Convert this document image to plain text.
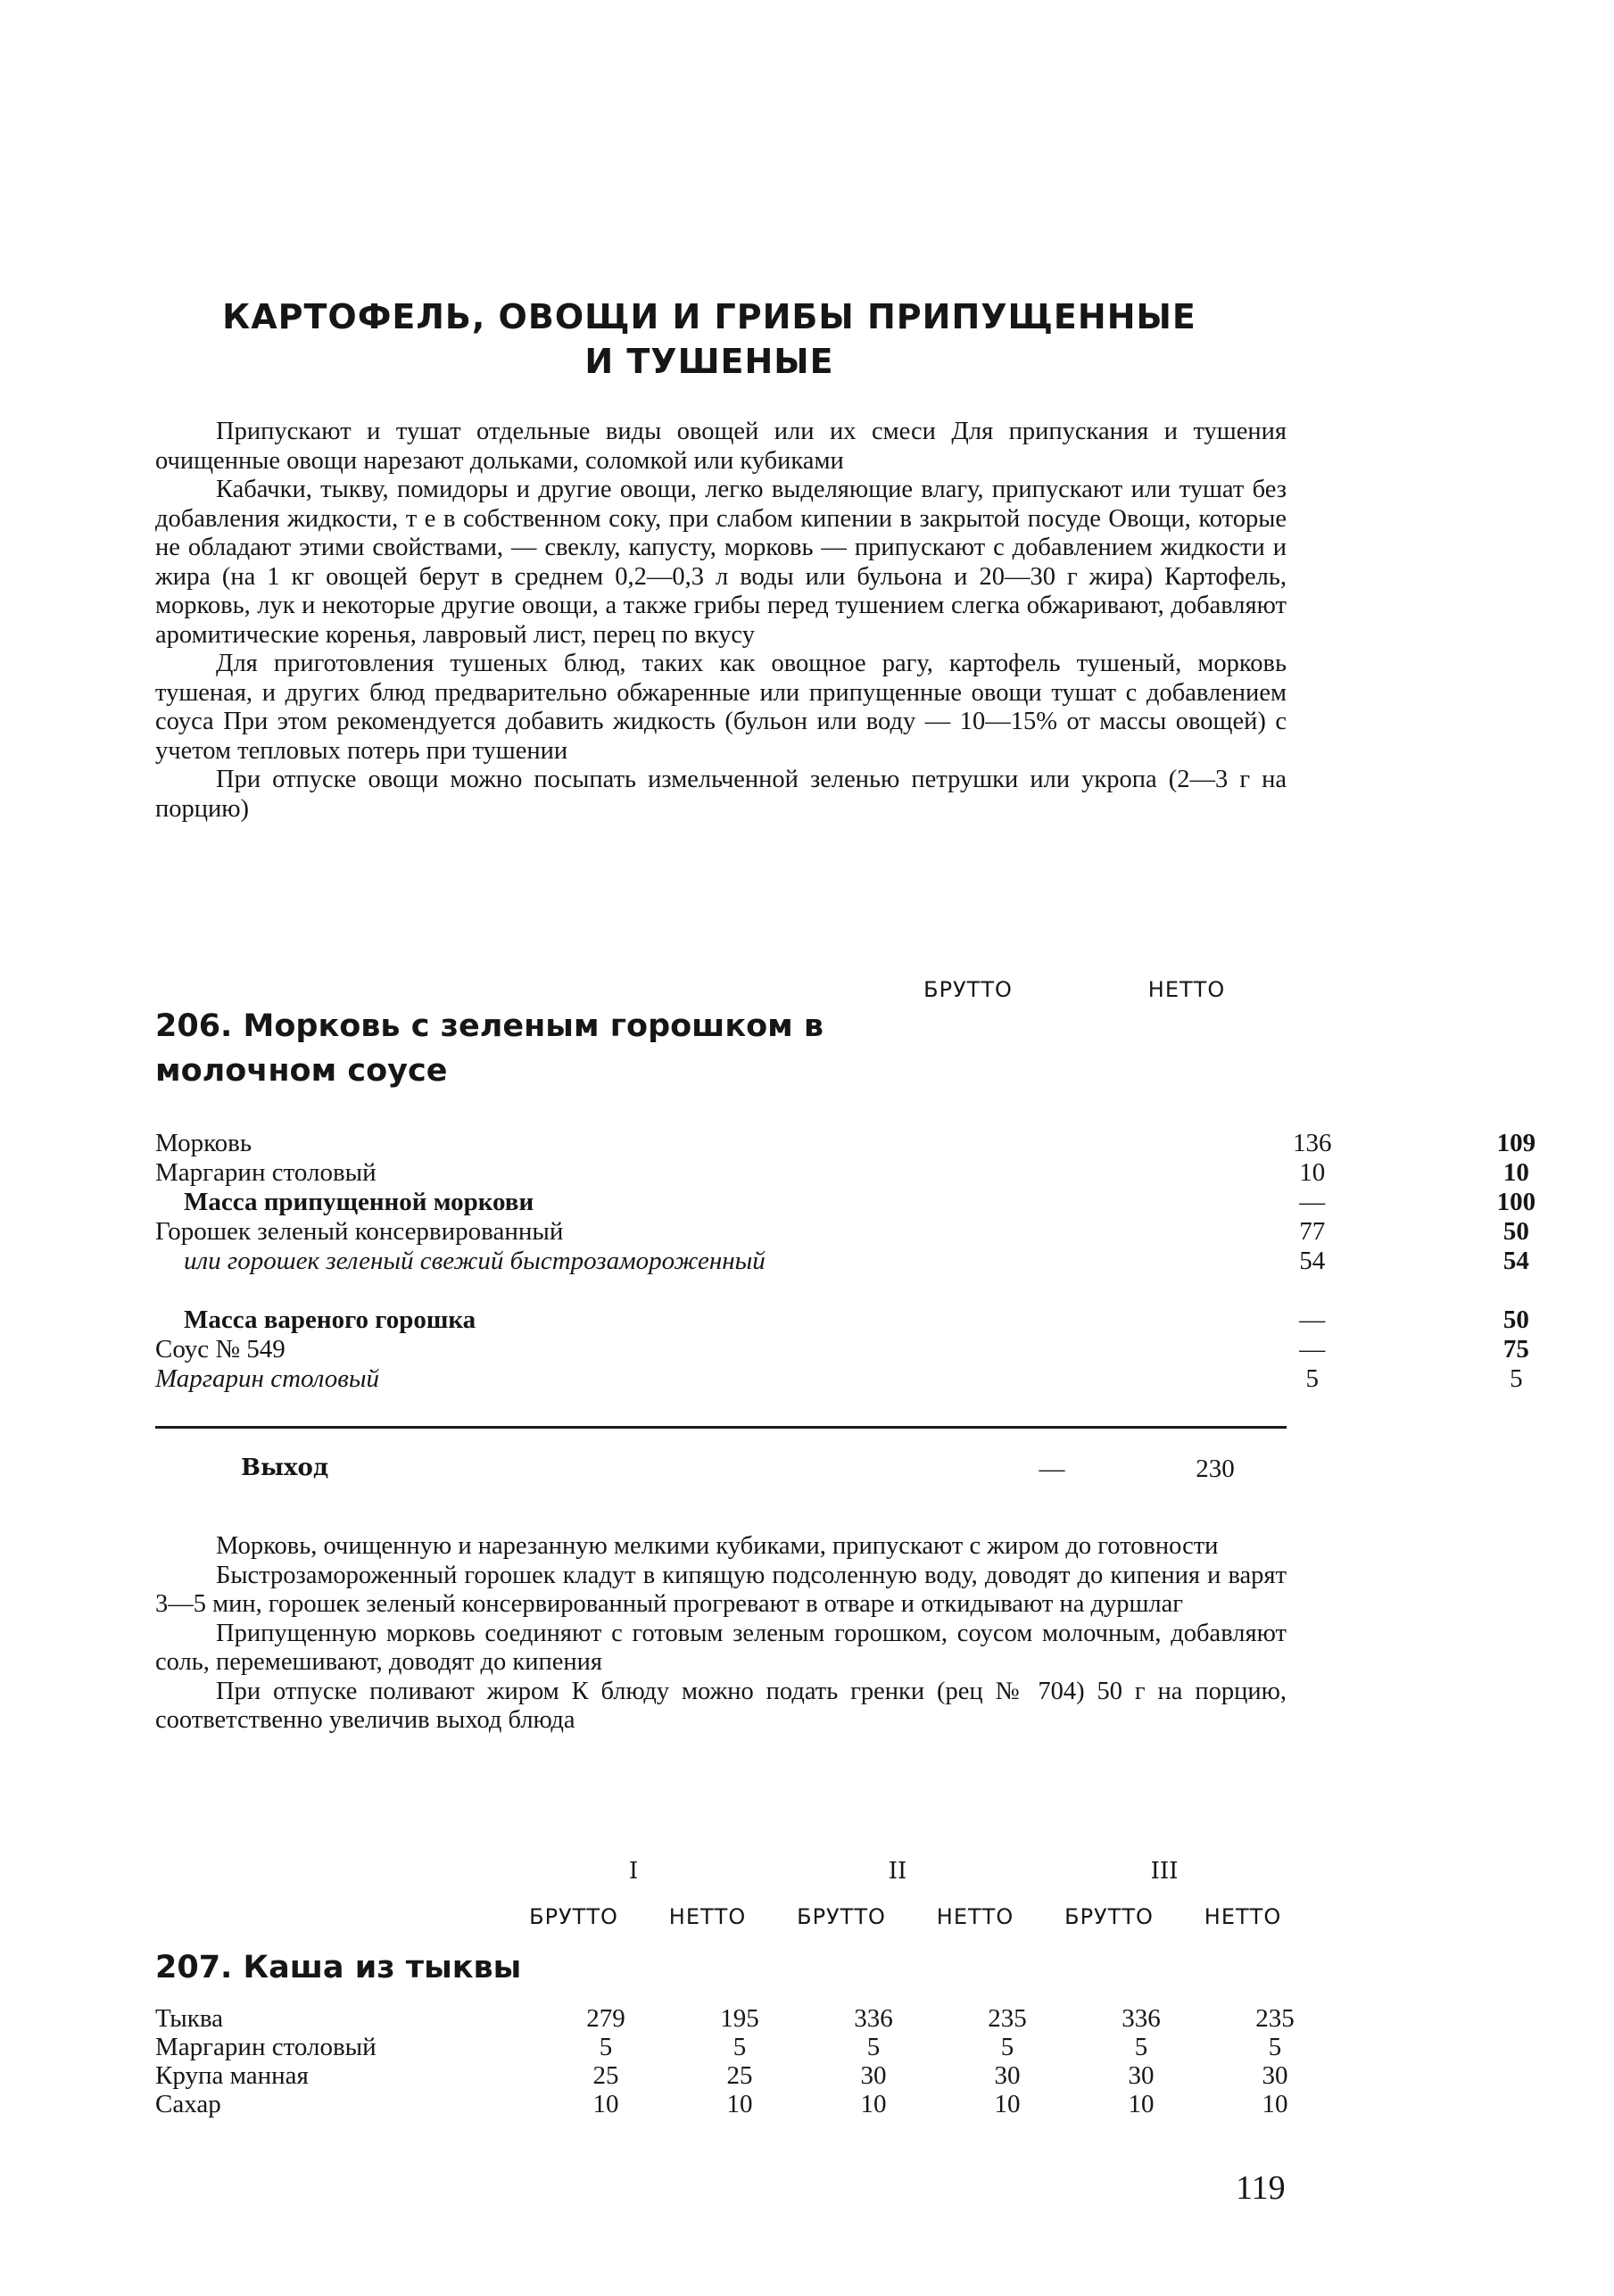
КАРТОФЕЛЬ, ОВОЩИ И ГРИБЫ ПРИПУЩЕННЫЕ
И ТУШЕНЫЕ

Припускают и тушат отдельные виды овощей или их смеси Для припускания и тушения очищенные овощи нарезают дольками, соломкой или кубиками

Кабачки, тыкву, помидоры и другие овощи, легко выделяющие влагу, припускают или тушат без добавления жидкости, т е в собственном соку, при слабом кипении в закрытой посуде Овощи, которые не обладают этими свойствами, — свеклу, капусту, морковь — припускают с добавлением жидкости и жира (на 1 кг овощей берут в среднем 0,2—0,3 л воды или бульона и 20—30 г жира) Картофель, морковь, лук и некоторые другие овощи, а также грибы перед тушением слегка обжаривают, добавляют аромитические коренья, лавровый лист, перец по вкусу

Для приготовления тушеных блюд, таких как овощное рагу, картофель тушеный, морковь тушеная, и других блюд предварительно обжаренные или припущенные овощи тушат с добавлением соуса При этом рекомендуется добавить жидкость (бульон или воду — 10—15% от массы овощей) с учетом тепловых потерь при тушении

При отпуске овощи можно посыпать измельченной зеленью петрушки или укропа (2—3 г на порцию)

БРУТТО	НЕТТО
206. Морковь с зеленым горошком в молочном соусе
Морковь	136	109
Маргарин столовый	10	10
Масса припущенной моркови	—	100
Горошек зеленый консервированный	77	50
или горошек зеленый свежий быстрозамороженный	54	54
Масса вареного горошка	—	50
Соус № 549	—	75
Маргарин столовый	5	5
Выход	—	230

Морковь, очищенную и нарезанную мелкими кубиками, припускают с жиром до готовности

Быстрозамороженный горошек кладут в кипящую подсоленную воду, доводят до кипения и варят 3—5 мин, горошек зеленый консервированный прогревают в отваре и откидывают на дуршлаг

Припущенную морковь соединяют с готовым зеленым горошком, соусом молочным, добавляют соль, перемешивают, доводят до кипения

При отпуске поливают жиром К блюду можно подать гренки (рец № 704) 50 г на порцию, соответственно увеличив выход блюда

I	II	III
БРУТТО	НЕТТО	БРУТТО	НЕТТО	БРУТТО	НЕТТО
207. Каша из тыквы
Тыква	279	195	336	235	336	235
Маргарин столовый	5	5	5	5	5	5
Крупа манная	25	25	30	30	30	30
Сахар	10	10	10	10	10	10
119
